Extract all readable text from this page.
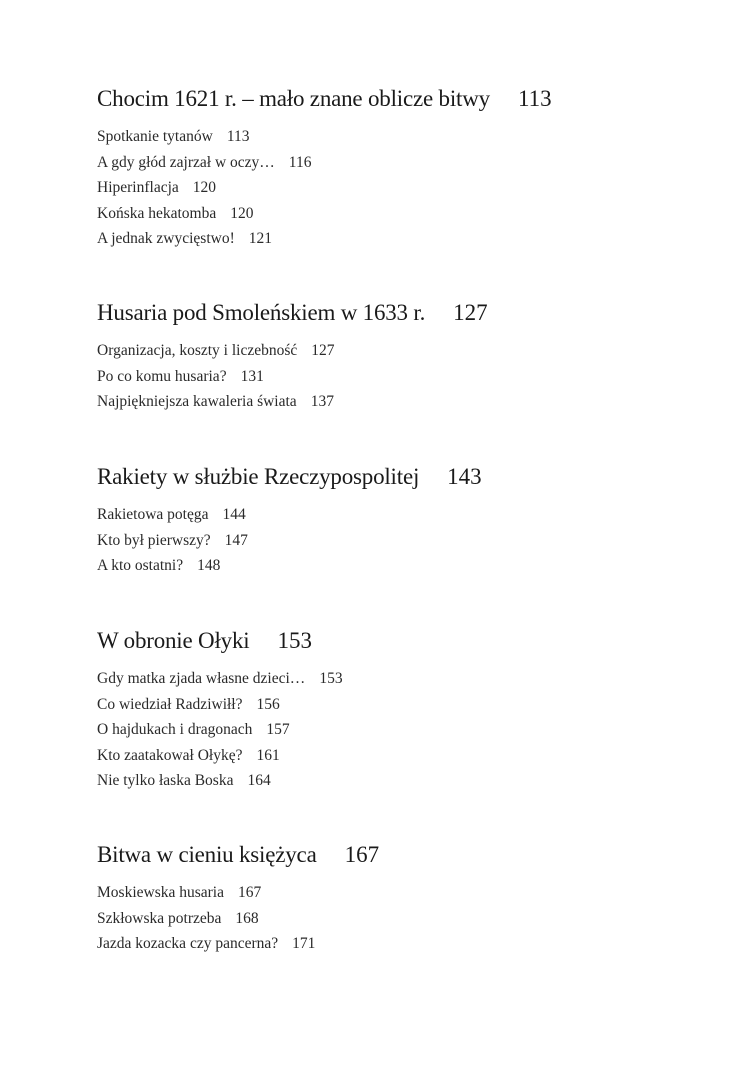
Chocim 1621 r. – mało znane oblicze bitwy 113
Spotkanie tytanów 113
A gdy głód zajrzał w oczy… 116
Hiperinflacja 120
Końska hekatomba 120
A jednak zwycięstwo! 121
Husaria pod Smoleńskiem w 1633 r. 127
Organizacja, koszty i liczebność 127
Po co komu husaria? 131
Najpiękniejsza kawaleria świata 137
Rakiety w służbie Rzeczypospolitej 143
Rakietowa potęga 144
Kto był pierwszy? 147
A kto ostatni? 148
W obronie Ołyki 153
Gdy matka zjada własne dzieci… 153
Co wiedział Radziwiłł? 156
O hajdukach i dragonach 157
Kto zaatakował Ołykę? 161
Nie tylko łaska Boska 164
Bitwa w cieniu księżyca 167
Moskiewska husaria 167
Szkłowska potrzeba 168
Jazda kozacka czy pancerna? 171
